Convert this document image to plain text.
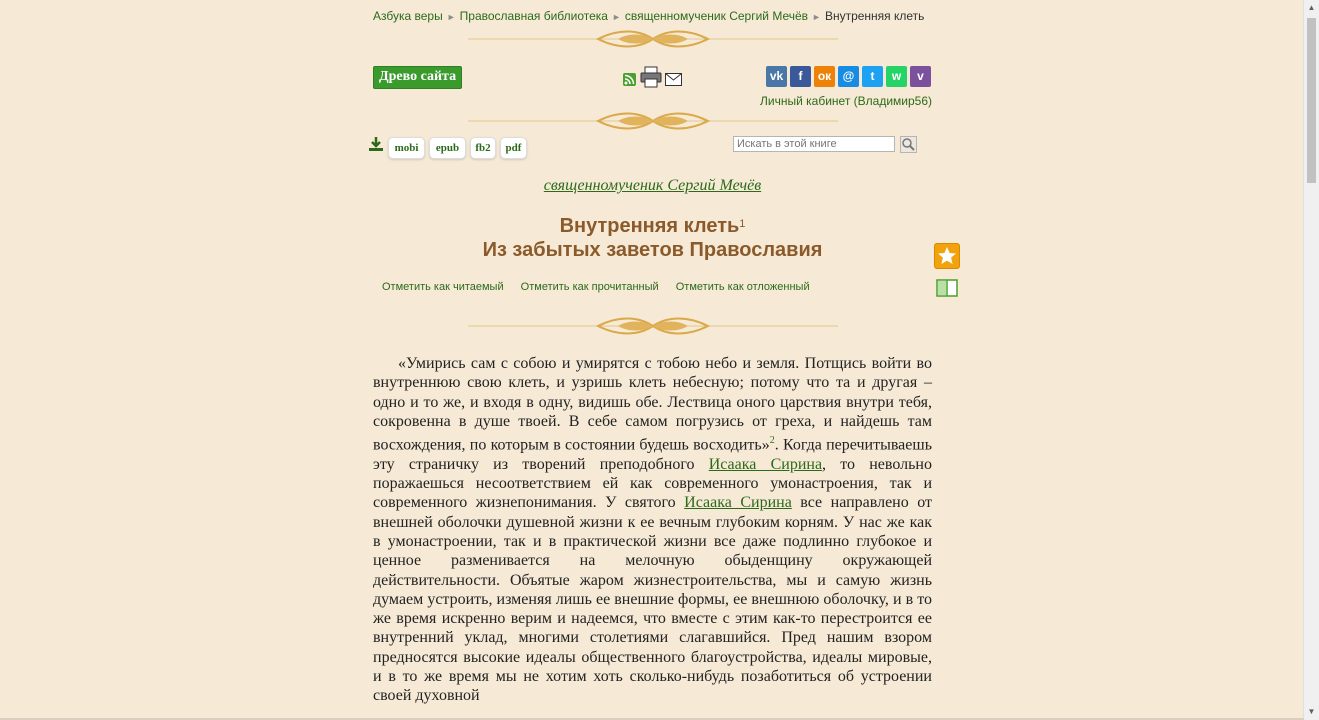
Азбука веры ► Православная библиотека ► священномученик Сергий Мечёв ► Внутренняя клеть
Древо сайта	vk	f	ок @	t	w	v
Личный кабинет (Владимир56)
mobi	epub	fb2	pdf
Искать в этой книге
священномученик Сергий Мечёв
Внутренняя клеть$^1$
Из забытых заветов Православия
Отметить как читаемый Отметить как прочитанный Отметить как отложенный

«Умирись сам с собою и умирятся с тобою небо и земля. Потщись войти во внутреннюю свою клеть, и узришь клеть небесную; потому что та и другая – одно и то же, и входя в одну, видишь обе. Лествица оного царствия внутри тебя, сокровенна в душе твоей. В себе самом погрузись от греха, и найдешь там восхождения, по которым в состоянии будешь восходить»$^2$. Когда перечитываешь эту страничку из творений преподобного Исаака Сирина, то невольно поражаешься несоответствием ей как современного умонастроения, так и современного жизнепонимания. У святого Исаака Сирина все направлено от внешней оболочки душевной жизни к ее вечным глубоким корням. У нас же как в умонастроении, так и в практической жизни все даже подлинно глубокое и ценное разменивается на мелочную обыденщину окружающей действительности. Объятые жаром жизнестроительства, мы и самую жизнь думаем устроить, изменяя лишь ее внешние формы, ее внешнюю оболочку, и в то же время искренно верим и надеемся, что вместе с этим как-то перестроится ее внутренний уклад, многими столетиями слагавшийся. Пред нашим взором предносятся высокие идеалы общественного благоустройства, идеалы мировые, и в то же время мы не хотим хоть сколько-нибудь позаботиться об устроении своей духовной

▲
▼
